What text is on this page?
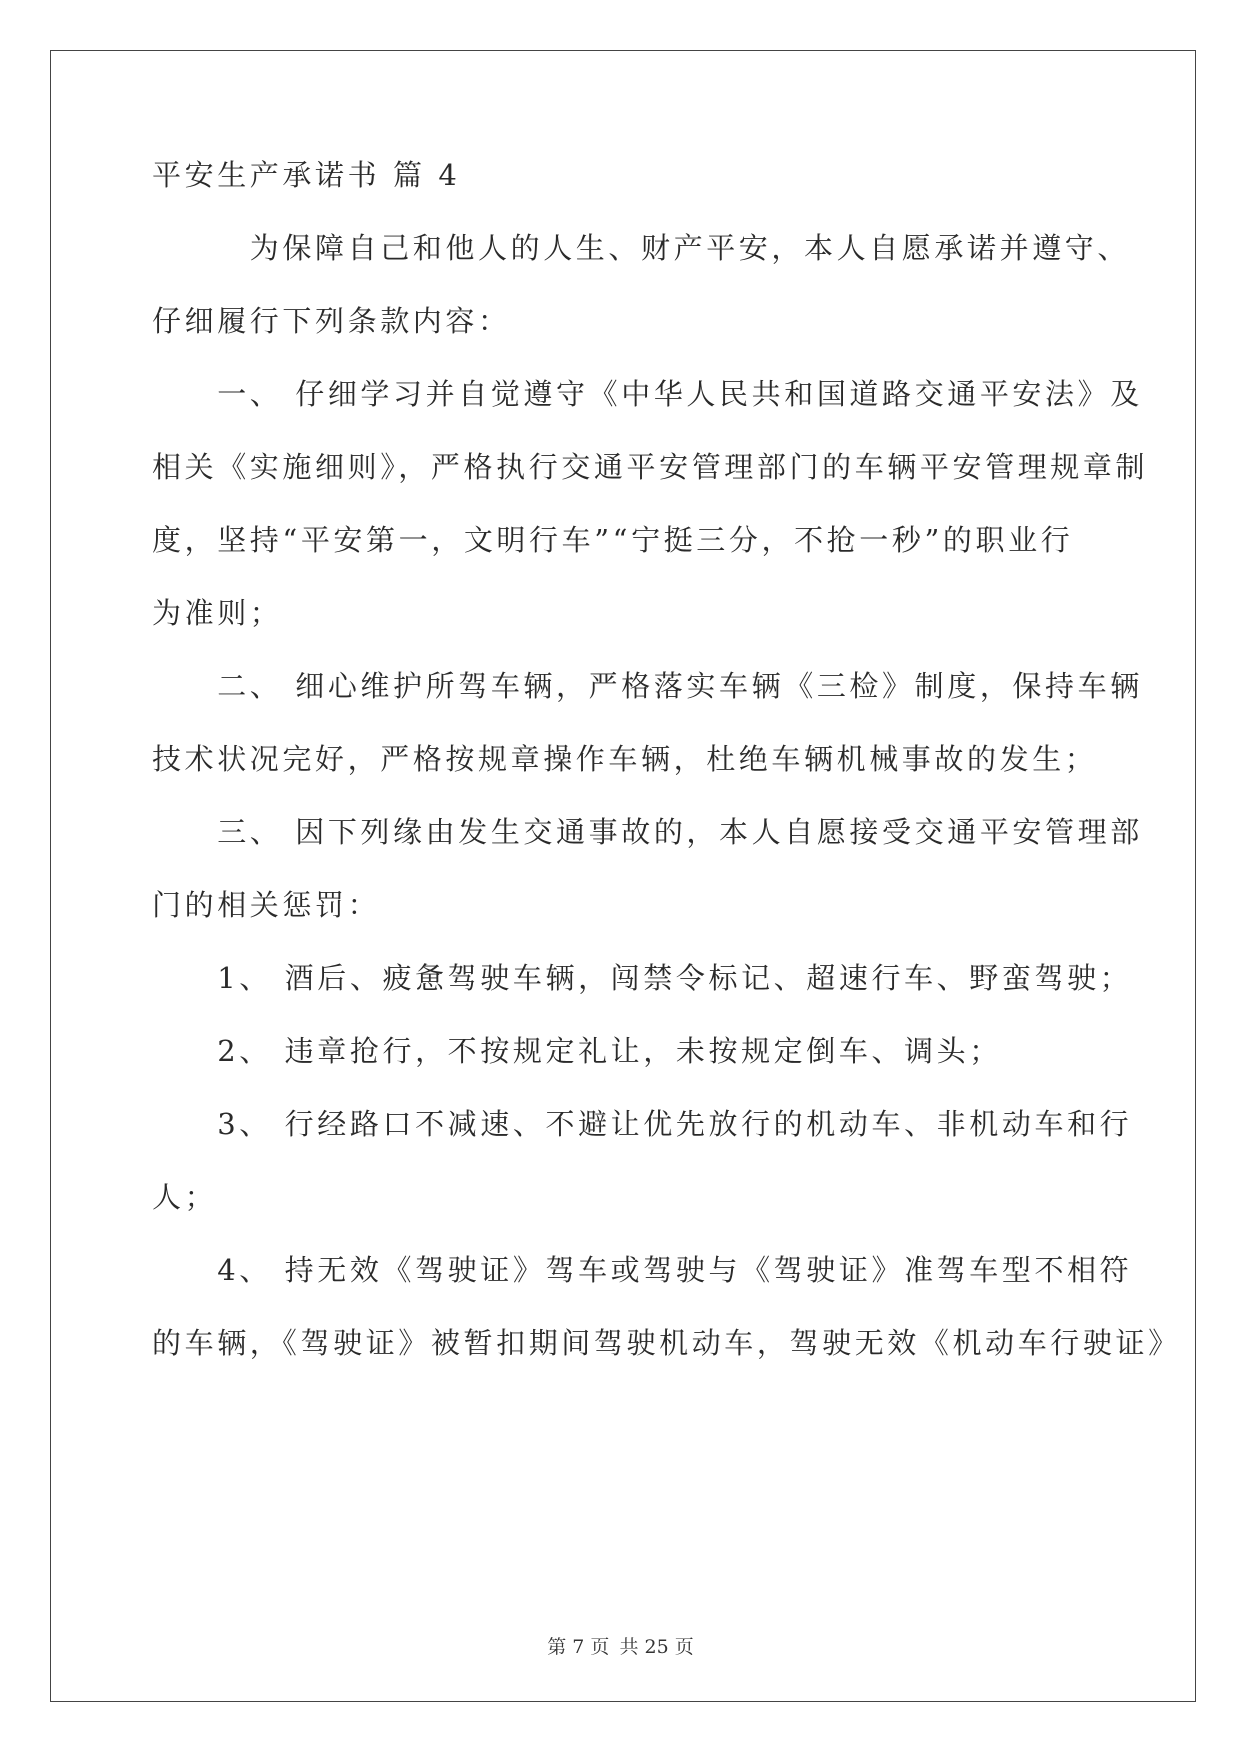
平安生产承诺书 篇 4
　　　为保障自己和他人的人生、财产平安，本人自愿承诺并遵守、
仔细履行下列条款内容：
　　一、 仔细学习并自觉遵守《中华人民共和国道路交通平安法》及
相关《实施细则》，严格执行交通平安管理部门的车辆平安管理规章制
度，坚持“平安第一，文明行车”“宁挺三分，不抢一秒”的职业行
为准则；
　　二、 细心维护所驾车辆，严格落实车辆《三检》制度，保持车辆
技术状况完好，严格按规章操作车辆，杜绝车辆机械事故的发生；
　　三、 因下列缘由发生交通事故的，本人自愿接受交通平安管理部
门的相关惩罚：
　　1、 酒后、疲惫驾驶车辆，闯禁令标记、超速行车、野蛮驾驶；
　　2、 违章抢行，不按规定礼让，未按规定倒车、调头；
　　3、 行经路口不减速、不避让优先放行的机动车、非机动车和行
人；
　　4、 持无效《驾驶证》驾车或驾驶与《驾驶证》准驾车型不相符
的车辆，《驾驶证》被暂扣期间驾驶机动车，驾驶无效《机动车行驶证》
第 7 页 共 25 页
